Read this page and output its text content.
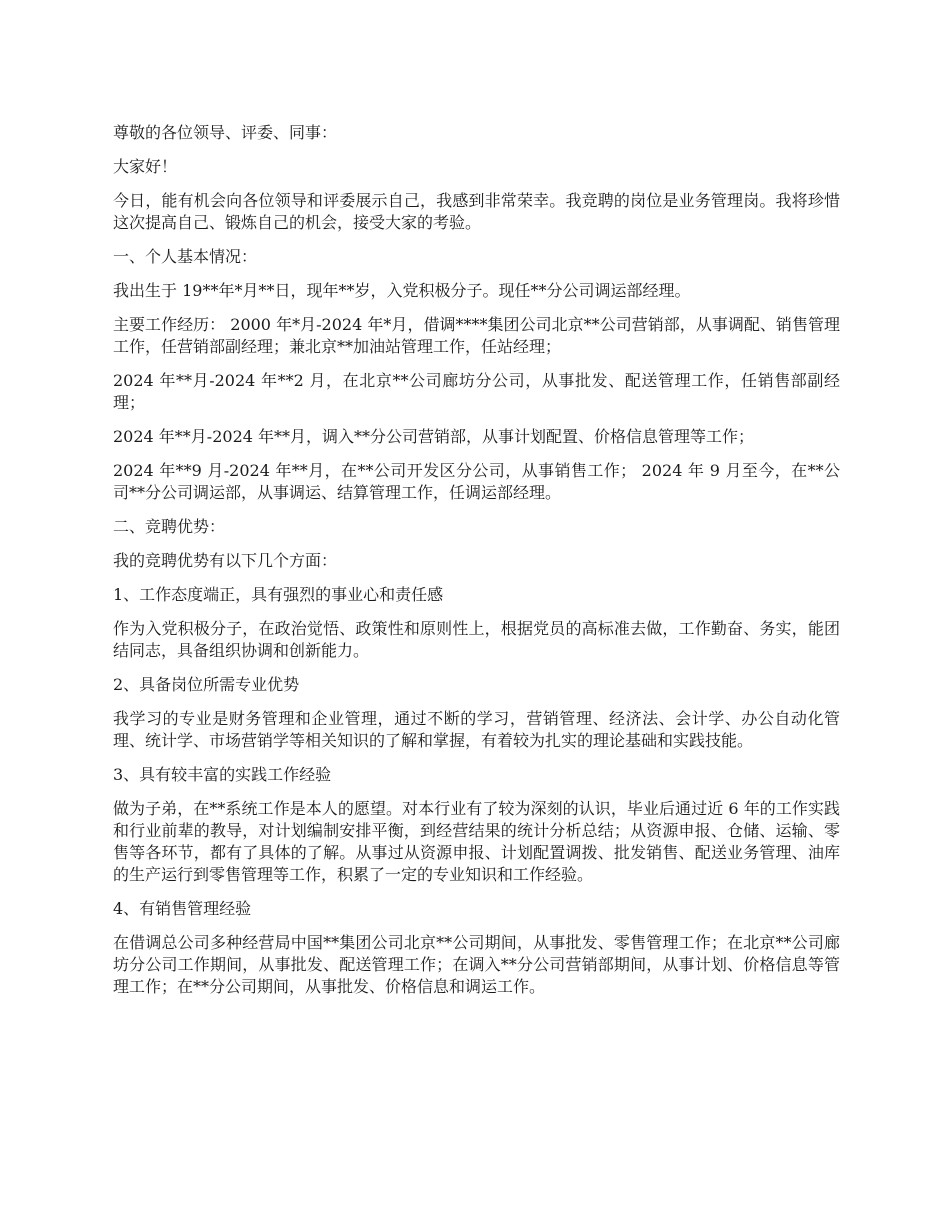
尊敬的各位领导、评委、同事：

大家好！

今日，能有机会向各位领导和评委展示自己，我感到非常荣幸。我竞聘的岗位是业务管理岗。我将珍惜这次提高自己、锻炼自己的机会，接受大家的考验。

一、个人基本情况：

我出生于 19**年*月**日，现年**岁，入党积极分子。现任**分公司调运部经理。

主要工作经历： 2000 年*月-2024 年*月，借调****集团公司北京**公司营销部，从事调配、销售管理工作，任营销部副经理；兼北京**加油站管理工作，任站经理；

2024 年**月-2024 年**2 月，在北京**公司廊坊分公司，从事批发、配送管理工作，任销售部副经理；

2024 年**月-2024 年**月，调入**分公司营销部，从事计划配置、价格信息管理等工作；

2024 年**9 月-2024 年**月，在**公司开发区分公司，从事销售工作； 2024 年 9 月至今，在**公司**分公司调运部，从事调运、结算管理工作，任调运部经理。

二、竞聘优势：

我的竞聘优势有以下几个方面：

1、工作态度端正，具有强烈的事业心和责任感

作为入党积极分子，在政治觉悟、政策性和原则性上，根据党员的高标准去做，工作勤奋、务实，能团结同志，具备组织协调和创新能力。

2、具备岗位所需专业优势

我学习的专业是财务管理和企业管理，通过不断的学习，营销管理、经济法、会计学、办公自动化管理、统计学、市场营销学等相关知识的了解和掌握，有着较为扎实的理论基础和实践技能。

3、具有较丰富的实践工作经验

做为子弟，在**系统工作是本人的愿望。对本行业有了较为深刻的认识，毕业后通过近 6 年的工作实践和行业前辈的教导，对计划编制安排平衡，到经营结果的统计分析总结；从资源申报、仓储、运输、零售等各环节，都有了具体的了解。从事过从资源申报、计划配置调拨、批发销售、配送业务管理、油库的生产运行到零售管理等工作，积累了一定的专业知识和工作经验。

4、有销售管理经验

在借调总公司多种经营局中国**集团公司北京**公司期间，从事批发、零售管理工作；在北京**公司廊坊分公司工作期间，从事批发、配送管理工作；在调入**分公司营销部期间，从事计划、价格信息等管理工作；在**分公司期间，从事批发、价格信息和调运工作。
